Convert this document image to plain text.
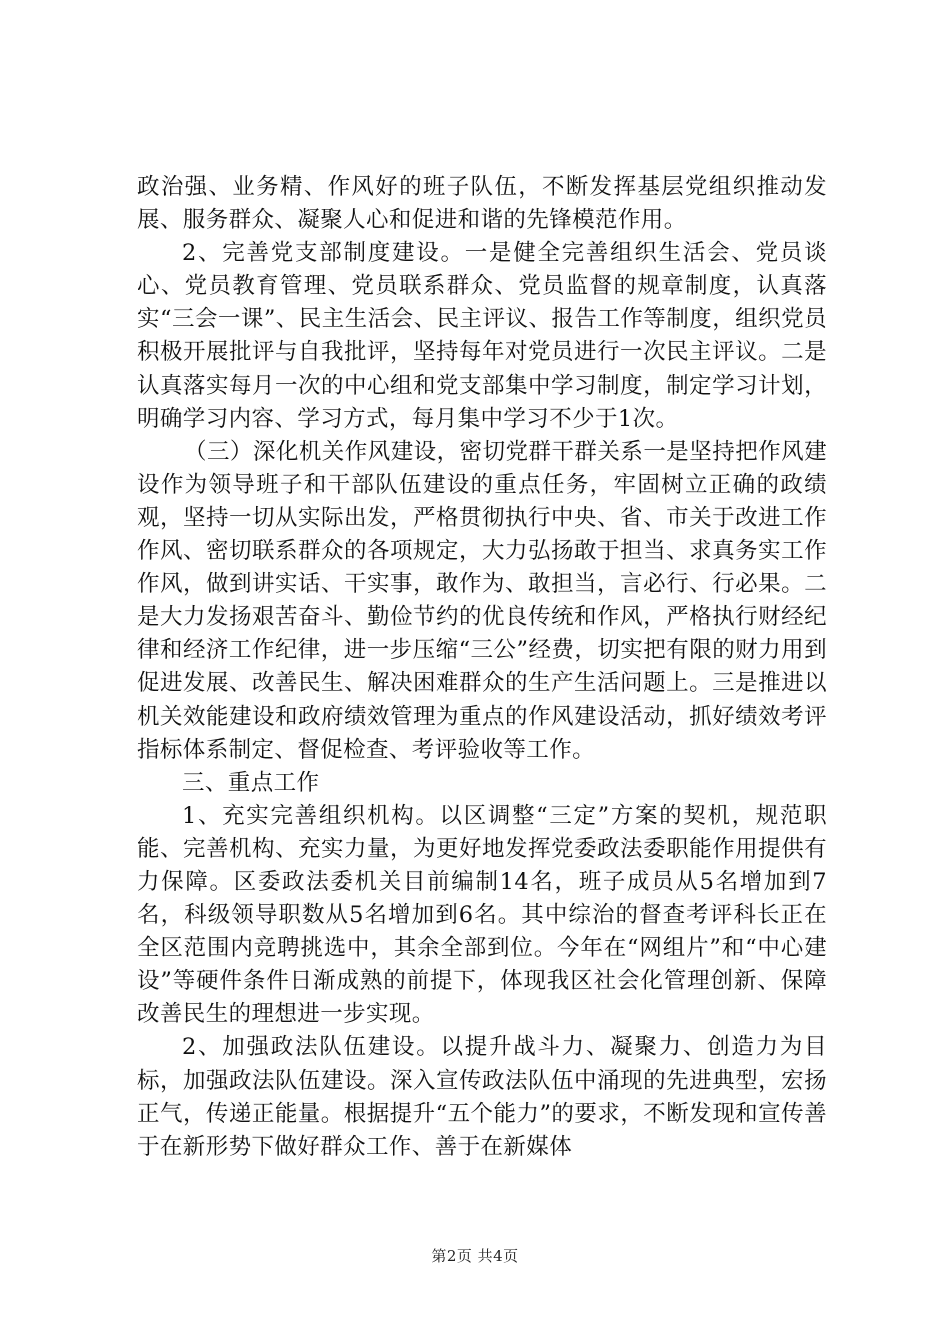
政治强、业务精、作风好的班子队伍，不断发挥基层党组织推动发展、服务群众、凝聚人心和促进和谐的先锋模范作用。

2、完善党支部制度建设。一是健全完善组织生活会、党员谈心、党员教育管理、党员联系群众、党员监督的规章制度，认真落实“三会一课”、民主生活会、民主评议、报告工作等制度，组织党员积极开展批评与自我批评，坚持每年对党员进行一次民主评议。二是认真落实每月一次的中心组和党支部集中学习制度，制定学习计划，明确学习内容、学习方式，每月集中学习不少于1次。

（三）深化机关作风建设，密切党群干群关系一是坚持把作风建设作为领导班子和干部队伍建设的重点任务，牢固树立正确的政绩观，坚持一切从实际出发，严格贯彻执行中央、省、市关于改进工作作风、密切联系群众的各项规定，大力弘扬敢于担当、求真务实工作作风，做到讲实话、干实事，敢作为、敢担当，言必行、行必果。二是大力发扬艰苦奋斗、勤俭节约的优良传统和作风，严格执行财经纪律和经济工作纪律，进一步压缩“三公”经费，切实把有限的财力用到促进发展、改善民生、解决困难群众的生产生活问题上。三是推进以机关效能建设和政府绩效管理为重点的作风建设活动，抓好绩效考评指标体系制定、督促检查、考评验收等工作。

三、重点工作

1、充实完善组织机构。以区调整“三定”方案的契机，规范职能、完善机构、充实力量，为更好地发挥党委政法委职能作用提供有力保障。区委政法委机关目前编制14名，班子成员从5名增加到7名，科级领导职数从5名增加到6名。其中综治的督查考评科长正在全区范围内竞聘挑选中，其余全部到位。今年在“网组片”和“中心建设”等硬件条件日渐成熟的前提下，体现我区社会化管理创新、保障改善民生的理想进一步实现。

2、加强政法队伍建设。以提升战斗力、凝聚力、创造力为目标，加强政法队伍建设。深入宣传政法队伍中涌现的先进典型，宏扬正气，传递正能量。根据提升“五个能力”的要求，不断发现和宣传善于在新形势下做好群众工作、善于在新媒体

第2页 共4页
